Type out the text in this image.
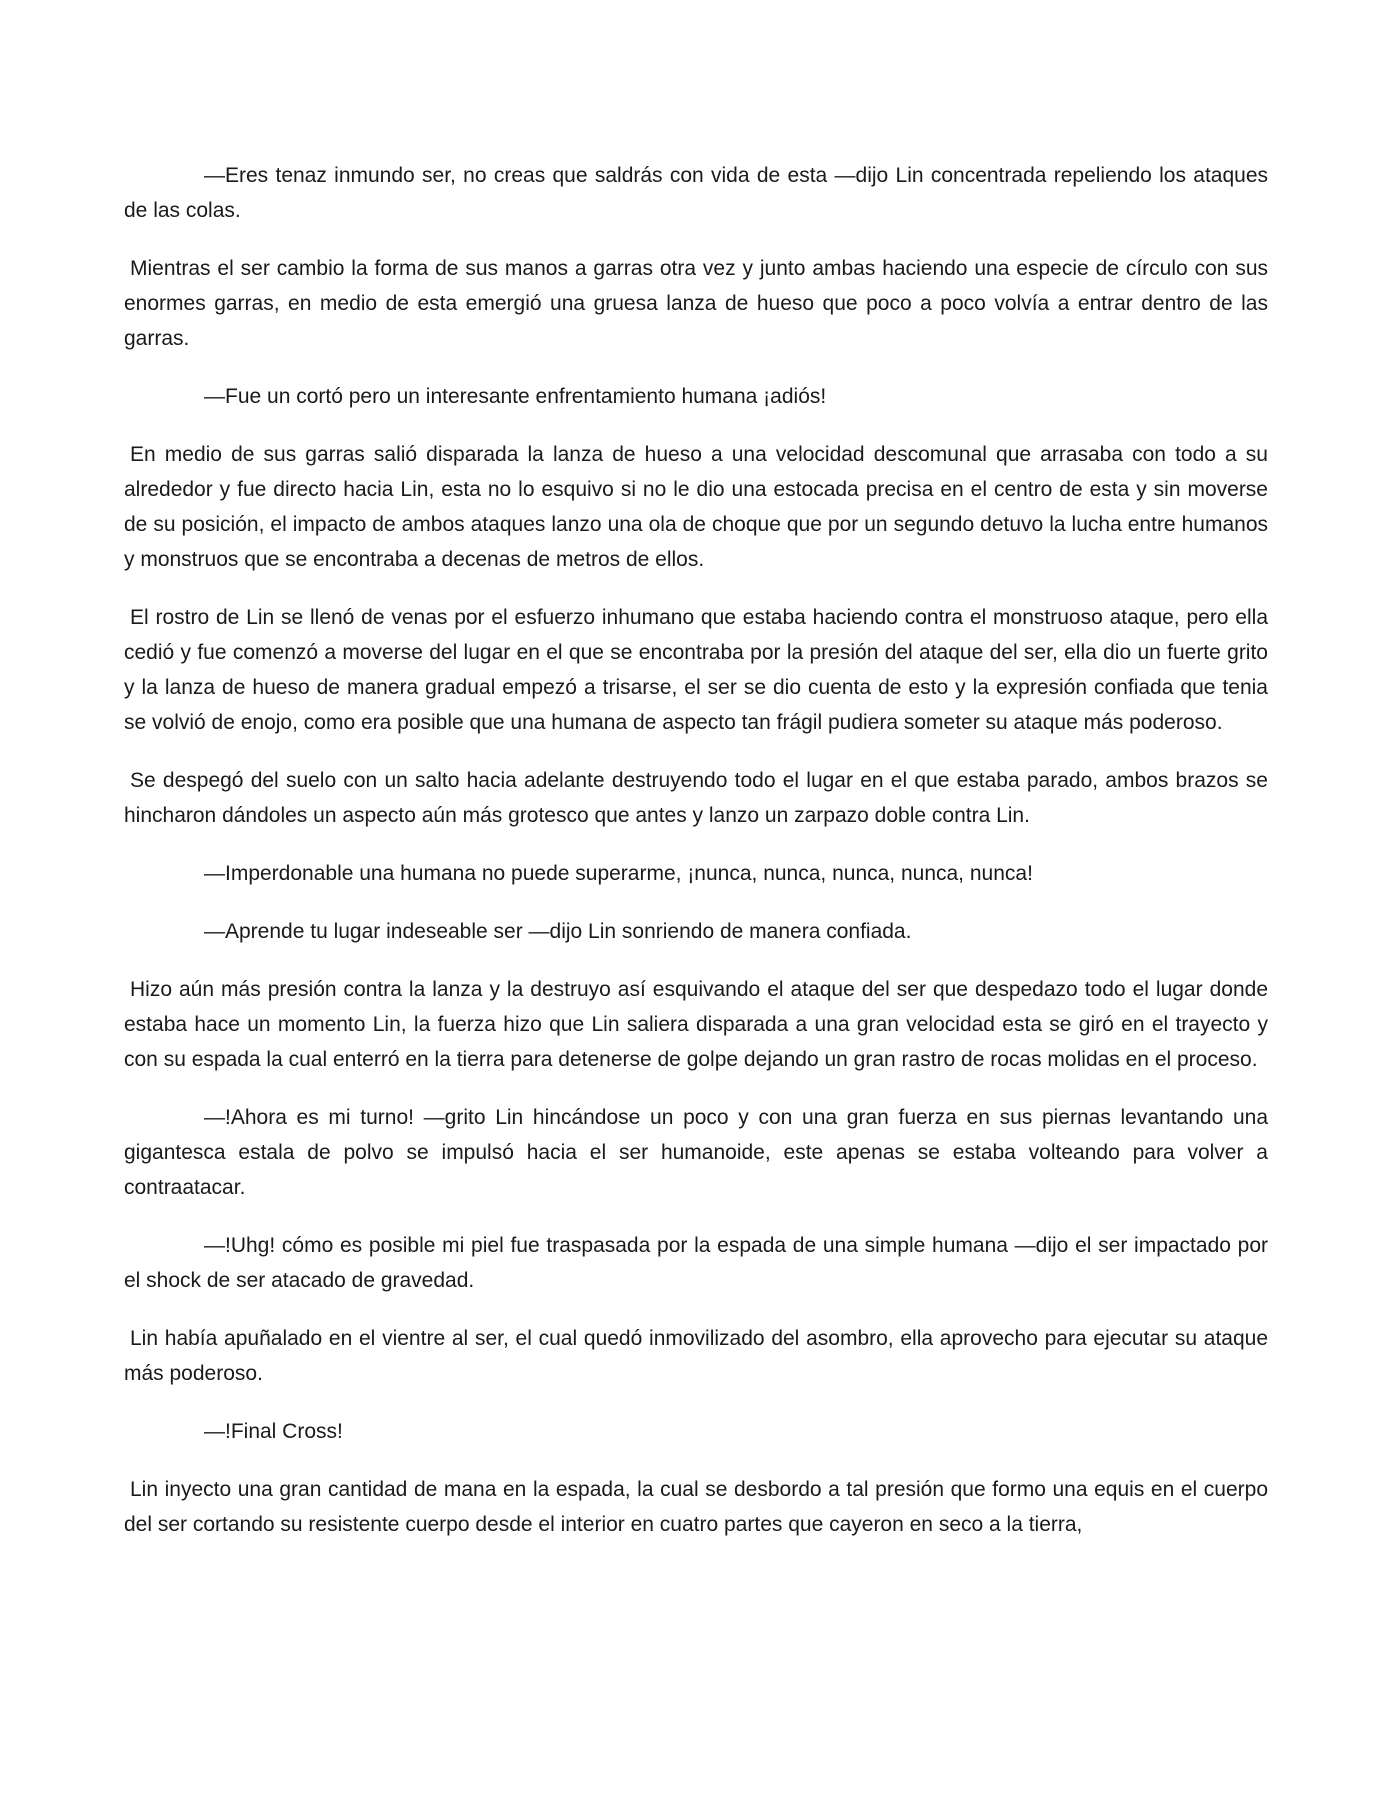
—Eres tenaz inmundo ser, no creas que saldrás con vida de esta —dijo Lin concentrada repeliendo los ataques de las colas.

Mientras el ser cambio la forma de sus manos a garras otra vez y junto ambas haciendo una especie de círculo con sus enormes garras, en medio de esta emergió una gruesa lanza de hueso que poco a poco volvía a entrar dentro de las garras.

—Fue un cortó pero un interesante enfrentamiento humana ¡adiós!

En medio de sus garras salió disparada la lanza de hueso a una velocidad descomunal que arrasaba con todo a su alrededor y fue directo hacia Lin, esta no lo esquivo si no le dio una estocada precisa en el centro de esta y sin moverse de su posición, el impacto de ambos ataques lanzo una ola de choque que por un segundo detuvo la lucha entre humanos y monstruos que se encontraba a decenas de metros de ellos.

El rostro de Lin se llenó de venas por el esfuerzo inhumano que estaba haciendo contra el monstruoso ataque, pero ella cedió y fue comenzó a moverse del lugar en el que se encontraba por la presión del ataque del ser, ella dio un fuerte grito y la lanza de hueso de manera gradual empezó a trisarse, el ser se dio cuenta de esto y la expresión confiada que tenia se volvió de enojo, como era posible que una humana de aspecto tan frágil pudiera someter su ataque más poderoso.

Se despegó del suelo con un salto hacia adelante destruyendo todo el lugar en el que estaba parado, ambos brazos se hincharon dándoles un aspecto aún más grotesco que antes y lanzo un zarpazo doble contra Lin.

—Imperdonable una humana no puede superarme, ¡nunca, nunca, nunca, nunca, nunca!

—Aprende tu lugar indeseable ser —dijo Lin sonriendo de manera confiada.

Hizo aún más presión contra la lanza y la destruyo así esquivando el ataque del ser que despedazo todo el lugar donde estaba hace un momento Lin, la fuerza hizo que Lin saliera disparada a una gran velocidad esta se giró en el trayecto y con su espada la cual enterró en la tierra para detenerse de golpe dejando un gran rastro de rocas molidas en el proceso.

—!Ahora es mi turno! —grito Lin hincándose un poco y con una gran fuerza en sus piernas levantando una gigantesca estala de polvo se impulsó hacia el ser humanoide, este apenas se estaba volteando para volver a contraatacar.

—!Uhg! cómo es posible mi piel fue traspasada por la espada de una simple humana —dijo el ser impactado por el shock de ser atacado de gravedad.

Lin había apuñalado en el vientre al ser, el cual quedó inmovilizado del asombro, ella aprovecho para ejecutar su ataque más poderoso.

—!Final Cross!

Lin inyecto una gran cantidad de mana en la espada, la cual se desbordo a tal presión que formo una equis en el cuerpo del ser cortando su resistente cuerpo desde el interior en cuatro partes que cayeron en seco a la tierra,
